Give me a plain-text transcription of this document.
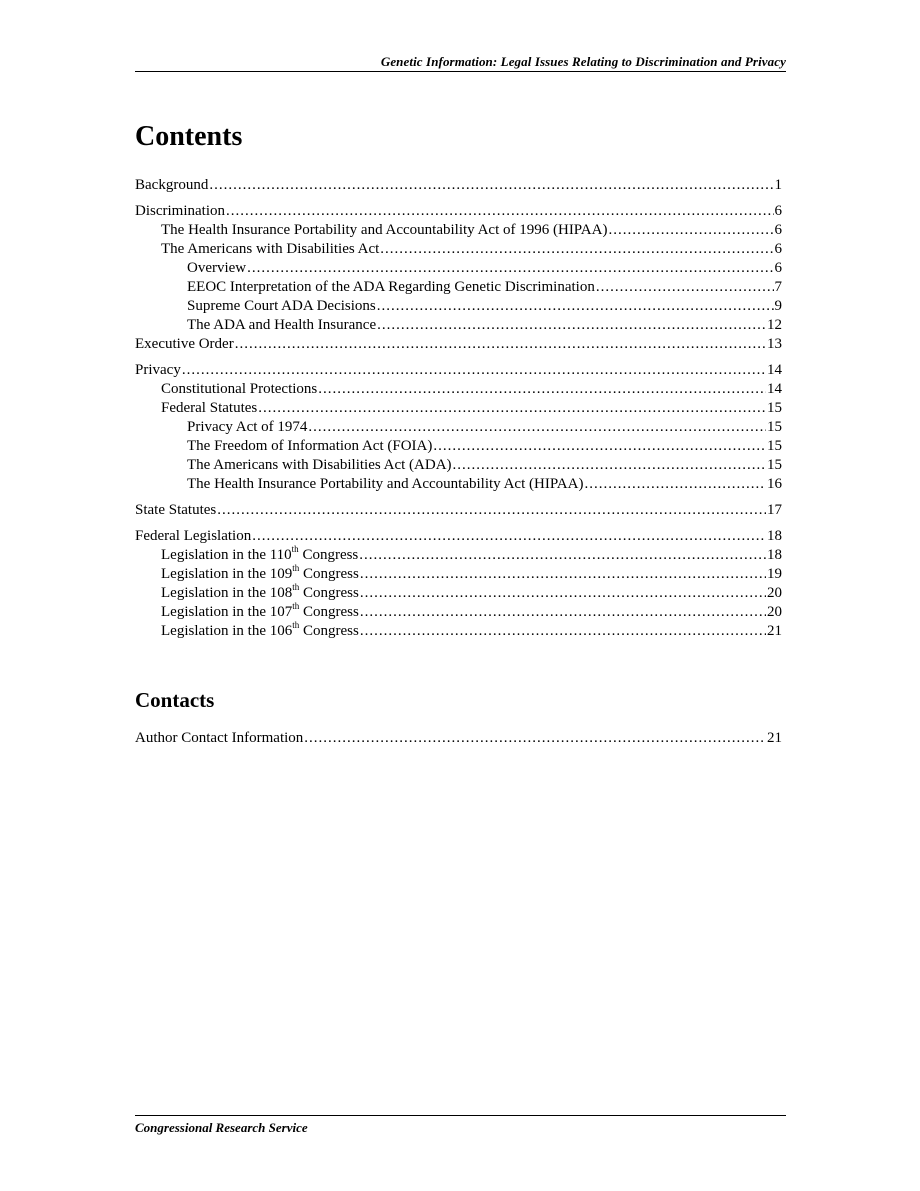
Genetic Information: Legal Issues Relating to Discrimination and Privacy
Contents
Background .....	1
Discrimination .....	6
The Health Insurance Portability and Accountability Act of 1996 (HIPAA) .....	6
The Americans with Disabilities Act .....	6
Overview .....	6
EEOC Interpretation of the ADA Regarding Genetic Discrimination .....	7
Supreme Court ADA Decisions .....	9
The ADA and Health Insurance .....	12
Executive Order .....	13
Privacy .....	14
Constitutional Protections .....	14
Federal Statutes .....	15
Privacy Act of 1974 .....	15
The Freedom of Information Act (FOIA) .....	15
The Americans with Disabilities Act (ADA) .....	15
The Health Insurance Portability and Accountability Act (HIPAA) .....	16
State Statutes .....	17
Federal Legislation .....	18
Legislation in the 110th Congress .....	18
Legislation in the 109th Congress .....	19
Legislation in the 108th Congress .....	20
Legislation in the 107th Congress .....	20
Legislation in the 106th Congress .....	21
Contacts
Author Contact Information .....	21
Congressional Research Service
